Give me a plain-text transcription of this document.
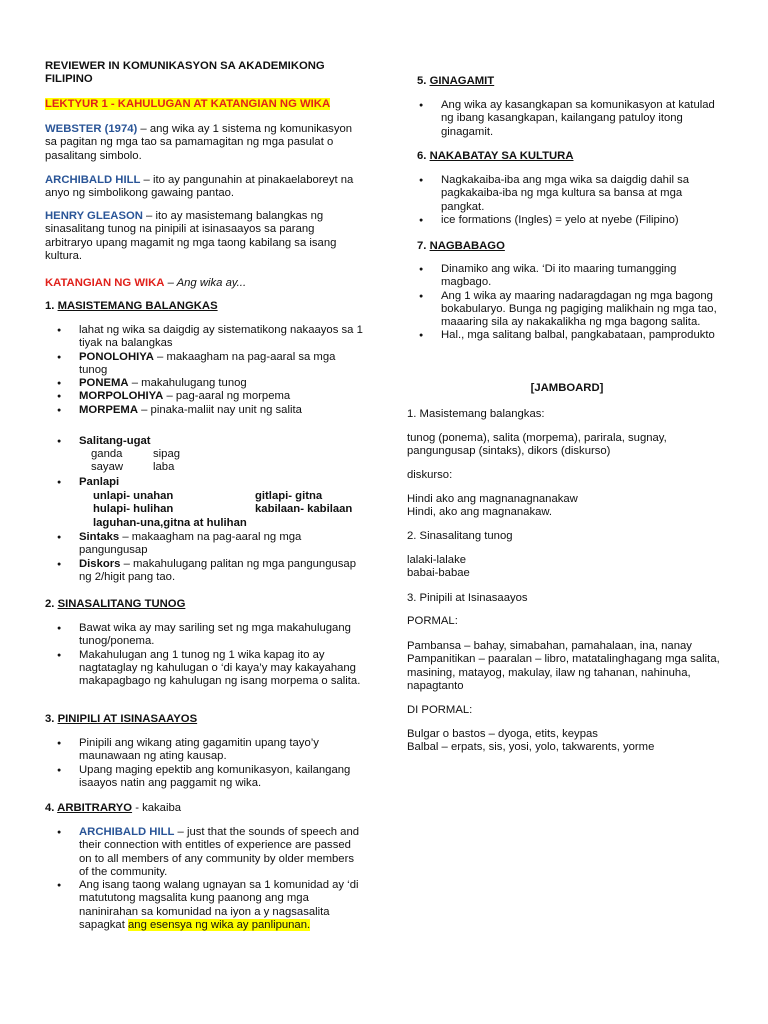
REVIEWER IN KOMUNIKASYON SA AKADEMIKONG
FILIPINO

LEKTYUR 1 - KAHULUGAN AT KATANGIAN NG WIKA

WEBSTER (1974) – ang wika ay 1 sistema ng komunikasyon sa pagitan ng mga tao sa pamamagitan ng mga pasulat o pasalitang simbolo.

ARCHIBALD HILL – ito ay pangunahin at pinakaelaboreyt na anyo ng simbolikong gawaing pantao.

HENRY GLEASON – ito ay masistemang balangkas ng sinasalitang tunog na pinipili at isinasaayos sa parang arbitraryo upang magamit ng mga taong kabilang sa isang kultura.

KATANGIAN NG WIKA – Ang wika ay...

1. MASISTEMANG BALANGKAS

● lahat ng wika sa daigdig ay sistematikong nakaayos sa 1 tiyak na balangkas
● PONOLOHIYA – makaagham na pag-aaral sa mga tunog
● PONEMA – makahulugang tunog
● MORPOLOHIYA – pag-aaral ng morpema
● MORPEMA – pinaka-maliit nay unit ng salita
● Salitang-ugat
ganda	sipag
sayaw	laba
● Panlapi
unlapi- unahan	gitlapi- gitna
hulapi- hulihan	kabilaan- kabilaan
laguhan-una,gitna at hulihan
● Sintaks – makaagham na pag-aaral ng mga pangungusap
● Diskors – makahulugang palitan ng mga pangungusap ng 2/higit pang tao.

2. SINASALITANG TUNOG

● Bawat wika ay may sariling set ng mga makahulugang tunog/ponema.
● Makahulugan ang 1 tunog ng 1 wika kapag ito ay nagtataglay ng kahulugan o ‘di kaya’y may kakayahang makapagbago ng kahulugan ng isang morpema o salita.

3. PINIPILI AT ISINASAAYOS

● Pinipili ang wikang ating gagamitin upang tayo’y maunawaan ng ating kausap.
● Upang maging epektib ang komunikasyon, kailangang isaayos natin ang paggamit ng wika.

4. ARBITRARYO - kakaiba

● ARCHIBALD HILL – just that the sounds of speech and their connection with entitles of experience are passed on to all members of any community by older members of the community.
● Ang isang taong walang ugnayan sa 1 komunidad ay ‘di matututong magsalita kung paanong ang mga naninirahan sa komunidad na iyon a y nagsasalita sapagkat ang esensya ng wika ay panlipunan.

5. GINAGAMIT

● Ang wika ay kasangkapan sa komunikasyon at katulad ng ibang kasangkapan, kailangang patuloy itong ginagamit.

6. NAKABATAY SA KULTURA

● Nagkakaiba-iba ang mga wika sa daigdig dahil sa pagkakaiba-iba ng mga kultura sa bansa at mga pangkat.
● ice formations (Ingles) = yelo at nyebe (Filipino)

7. NAGBABAGO

● Dinamiko ang wika. ‘Di ito maaring tumangging magbago.
● Ang 1 wika ay maaring nadaragdagan ng mga bagong bokabularyo. Bunga ng pagiging malikhain ng mga tao, maaaring sila ay nakakalikha ng mga bagong salita.
● Hal., mga salitang balbal, pangkabataan, pamprodukto

[JAMBOARD]

1. Masistemang balangkas:

tunog (ponema), salita (morpema), parirala, sugnay, pangungusap (sintaks), dikors (diskurso)

diskurso:

Hindi ako ang magnanagnanakaw
Hindi, ako ang magnanakaw.

2. Sinasalitang tunog

lalaki-lalake
babai-babae

3. Pinipili at Isinasaayos

PORMAL:

Pambansa – bahay, simabahan, pamahalaan, ina, nanay
Pampanitikan – paaralan – libro, matatalinghagang mga salita, masining, matayog, makulay, ilaw ng tahanan, nahinuha, napagtanto

DI PORMAL:

Bulgar o bastos – dyoga, etits, keypas
Balbal – erpats, sis, yosi, yolo, takwarents, yorme
